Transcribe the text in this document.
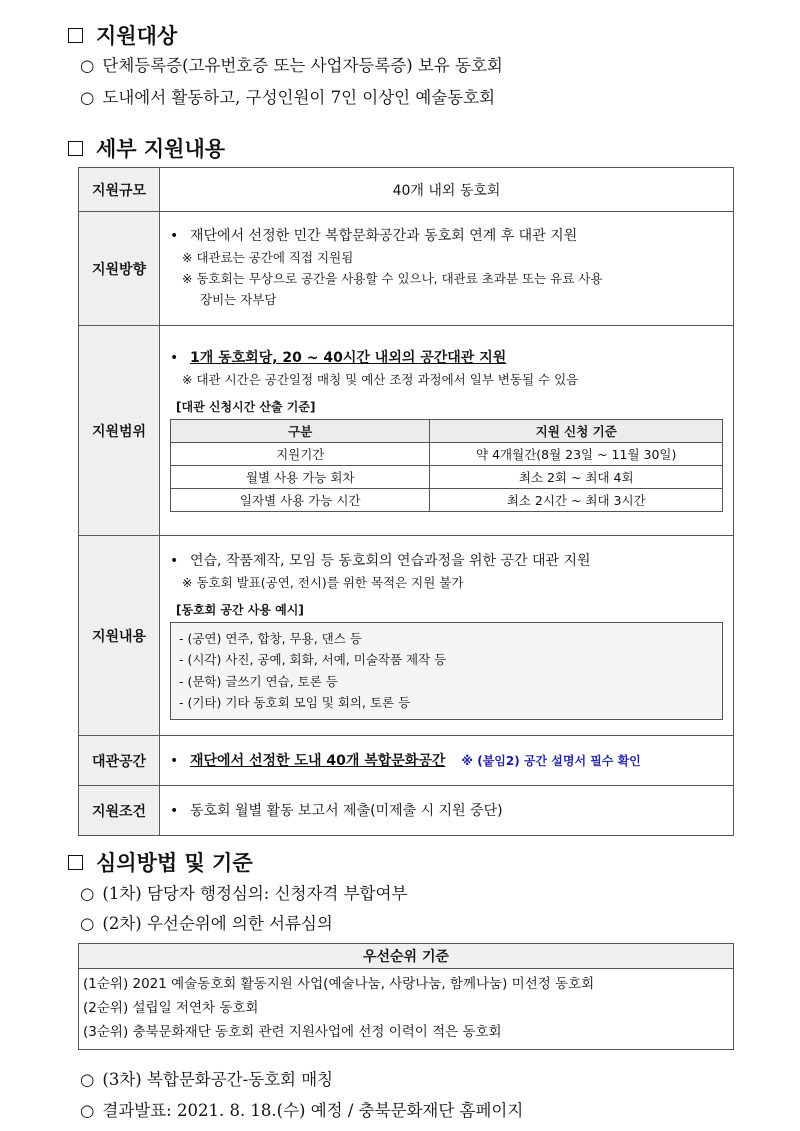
지원대상
○ 단체등록증(고유번호증 또는 사업자등록증) 보유 동호회
○ 도내에서 활동하고, 구성인원이 7인 이상인 예술동호회
세부 지원내용
지원규모	40개 내외 동호회

지원방향	
• 재단에서 선정한 민간 복합문화공간과 동호회 연계 후 대관 지원
※ 대관료는 공간에 직접 지원됨
※ 동호회는 무상으로 공간을 사용할 수 있으나, 대관료 초과분 또는 유료 사용
장비는 자부담

지원범위	
• 1개 동호회당, 20 ~ 40시간 내외의 공간대관 지원
※ 대관 시간은 공간일정 매칭 및 예산 조정 과정에서 일부 변동될 수 있음
[대관 신청시간 산출 기준]
구분	지원 신청 기준
지원기간	약 4개월간(8월 23일 ~ 11월 30일)
월별 사용 가능 회차	최소 2회 ~ 최대 4회
일자별 사용 가능 시간	최소 2시간 ~ 최대 3시간

지원내용	
• 연습, 작품제작, 모임 등 동호회의 연습과정을 위한 공간 대관 지원
※ 동호회 발표(공연, 전시)를 위한 목적은 지원 불가
[동호회 공간 사용 예시]
- (공연) 연주, 합창, 무용, 댄스 등
- (시각) 사진, 공예, 회화, 서예, 미술작품 제작 등
- (문학) 글쓰기 연습, 토론 등
- (기타) 기타 동호회 모임 및 회의, 토론 등

대관공간	• 재단에서 선정한 도내 40개 복합문화공간 ※ (붙임2) 공간 설명서 필수 확인

지원조건	• 동호회 월별 활동 보고서 제출(미제출 시 지원 중단)
심의방법 및 기준
○ (1차) 담당자 행정심의: 신청자격 부합여부
○ (2차) 우선순위에 의한 서류심의
우선순위 기준

(1순위) 2021 예술동호회 활동지원 사업(예술나눔, 사랑나눔, 함께나눔) 미선정 동호회
(2순위) 설립일 저연차 동호회
(3순위) 충북문화재단 동호회 관련 지원사업에 선정 이력이 적은 동호회
○ (3차) 복합문화공간-동호회 매칭
○ 결과발표: 2021. 8. 18.(수) 예정 / 충북문화재단 홈페이지
